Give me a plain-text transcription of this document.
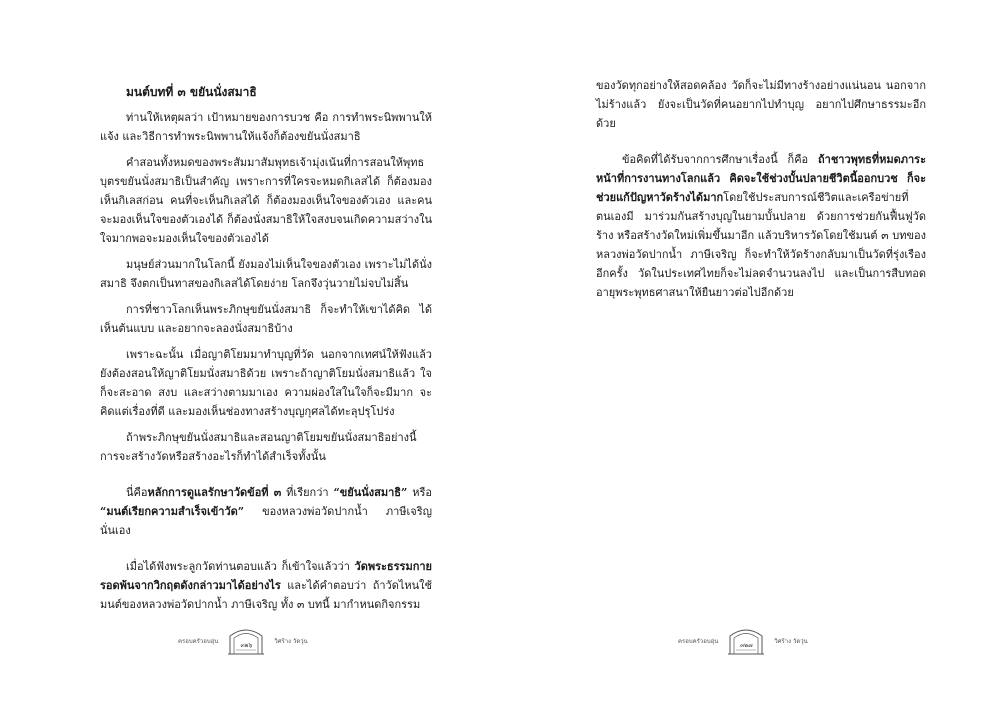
มนต์บทที่ ๓ ขยันนั่งสมาธิ

ท่านให้เหตุผลว่า เป้าหมายของการบวช คือ การทำพระนิพพานให้แจ้ง และวิธีการทำพระนิพพานให้แจ้งก็ต้องขยันนั่งสมาธิ

คำสอนทั้งหมดของพระสัมมาสัมพุทธเจ้ามุ่งเน้นที่การสอนให้พุทธบุตรขยันนั่งสมาธิเป็นสำคัญ เพราะการที่ใครจะหมดกิเลสได้ ก็ต้องมองเห็นกิเลสก่อน คนที่จะเห็นกิเลสได้ ก็ต้องมองเห็นใจของตัวเอง และคนจะมองเห็นใจของตัวเองได้ ก็ต้องนั่งสมาธิให้ใจสงบจนเกิดความสว่างในใจมากพอจะมองเห็นใจของตัวเองได้

มนุษย์ส่วนมากในโลกนี้ ยังมองไม่เห็นใจของตัวเอง เพราะไม่ได้นั่งสมาธิ จึงตกเป็นทาสของกิเลสได้โดยง่าย โลกจึงวุ่นวายไม่จบไม่สิ้น

การที่ชาวโลกเห็นพระภิกษุขยันนั่งสมาธิ ก็จะทำให้เขาได้คิด ได้เห็นต้นแบบ และอยากจะลองนั่งสมาธิบ้าง

เพราะฉะนั้น เมื่อญาติโยมมาทำบุญที่วัด นอกจากเทศน์ให้ฟังแล้ว ยังต้องสอนให้ญาติโยมนั่งสมาธิด้วย เพราะถ้าญาติโยมนั่งสมาธิแล้ว ใจก็จะสะอาด สงบ และสว่างตามมาเอง ความผ่องใสในใจก็จะมีมาก จะคิดแต่เรื่องที่ดี และมองเห็นช่องทางสร้างบุญกุศลได้ทะลุปรุโปร่ง

ถ้าพระภิกษุขยันนั่งสมาธิและสอนญาติโยมขยันนั่งสมาธิอย่างนี้ การจะสร้างวัดหรือสร้างอะไรก็ทำได้สำเร็จทั้งนั้น

นี่คือหลักการดูแลรักษาวัดข้อที่ ๓ ที่เรียกว่า “ขยันนั่งสมาธิ” หรือ “มนต์เรียกความสำเร็จเข้าวัด” ของหลวงพ่อวัดปากน้ำ ภาษีเจริญ นั่นเอง

เมื่อได้ฟังพระลูกวัดท่านตอบแล้ว ก็เข้าใจแล้วว่า วัดพระธรรมกายรอดพ้นจากวิกฤตดังกล่าวมาได้อย่างไร และได้คำตอบว่า ถ้าวัดไหนใช้มนต์ของหลวงพ่อวัดปากน้ำ ภาษีเจริญ ทั้ง ๓ บทนี้ มากำหนดกิจกรรม

ครอบครัวอบอุ่น
๓๒๖
วิศร้าง วัดวุ่น

ของวัดทุกอย่างให้สอดคล้อง วัดก็จะไม่มีทางร้างอย่างแน่นอน นอกจากไม่ร้างแล้ว ยังจะเป็นวัดที่คนอยากไปทำบุญ อยากไปศึกษาธรรมะอีกด้วย

ข้อคิดที่ได้รับจากการศึกษาเรื่องนี้ ก็คือ ถ้าชาวพุทธที่หมดภาระหน้าที่การงานทางโลกแล้ว คิดจะใช้ช่วงบั้นปลายชีวิตนี้ออกบวช ก็จะช่วยแก้ปัญหาวัดร้างได้มากโดยใช้ประสบการณ์ชีวิตและเครือข่ายที่ตนเองมี มาร่วมกันสร้างบุญในยามบั้นปลาย ด้วยการช่วยกันฟื้นฟูวัดร้าง หรือสร้างวัดใหม่เพิ่มขึ้นมาอีก แล้วบริหารวัดโดยใช้มนต์ ๓ บทของหลวงพ่อวัดปากน้ำ ภาษีเจริญ ก็จะทำให้วัดร้างกลับมาเป็นวัดที่รุ่งเรืองอีกครั้ง วัดในประเทศไทยก็จะไม่ลดจำนวนลงไป และเป็นการสืบทอดอายุพระพุทธศาสนาให้ยืนยาวต่อไปอีกด้วย

ครอบครัวอบอุ่น
๓๒๗
วิศร้าง วัดวุ่น
